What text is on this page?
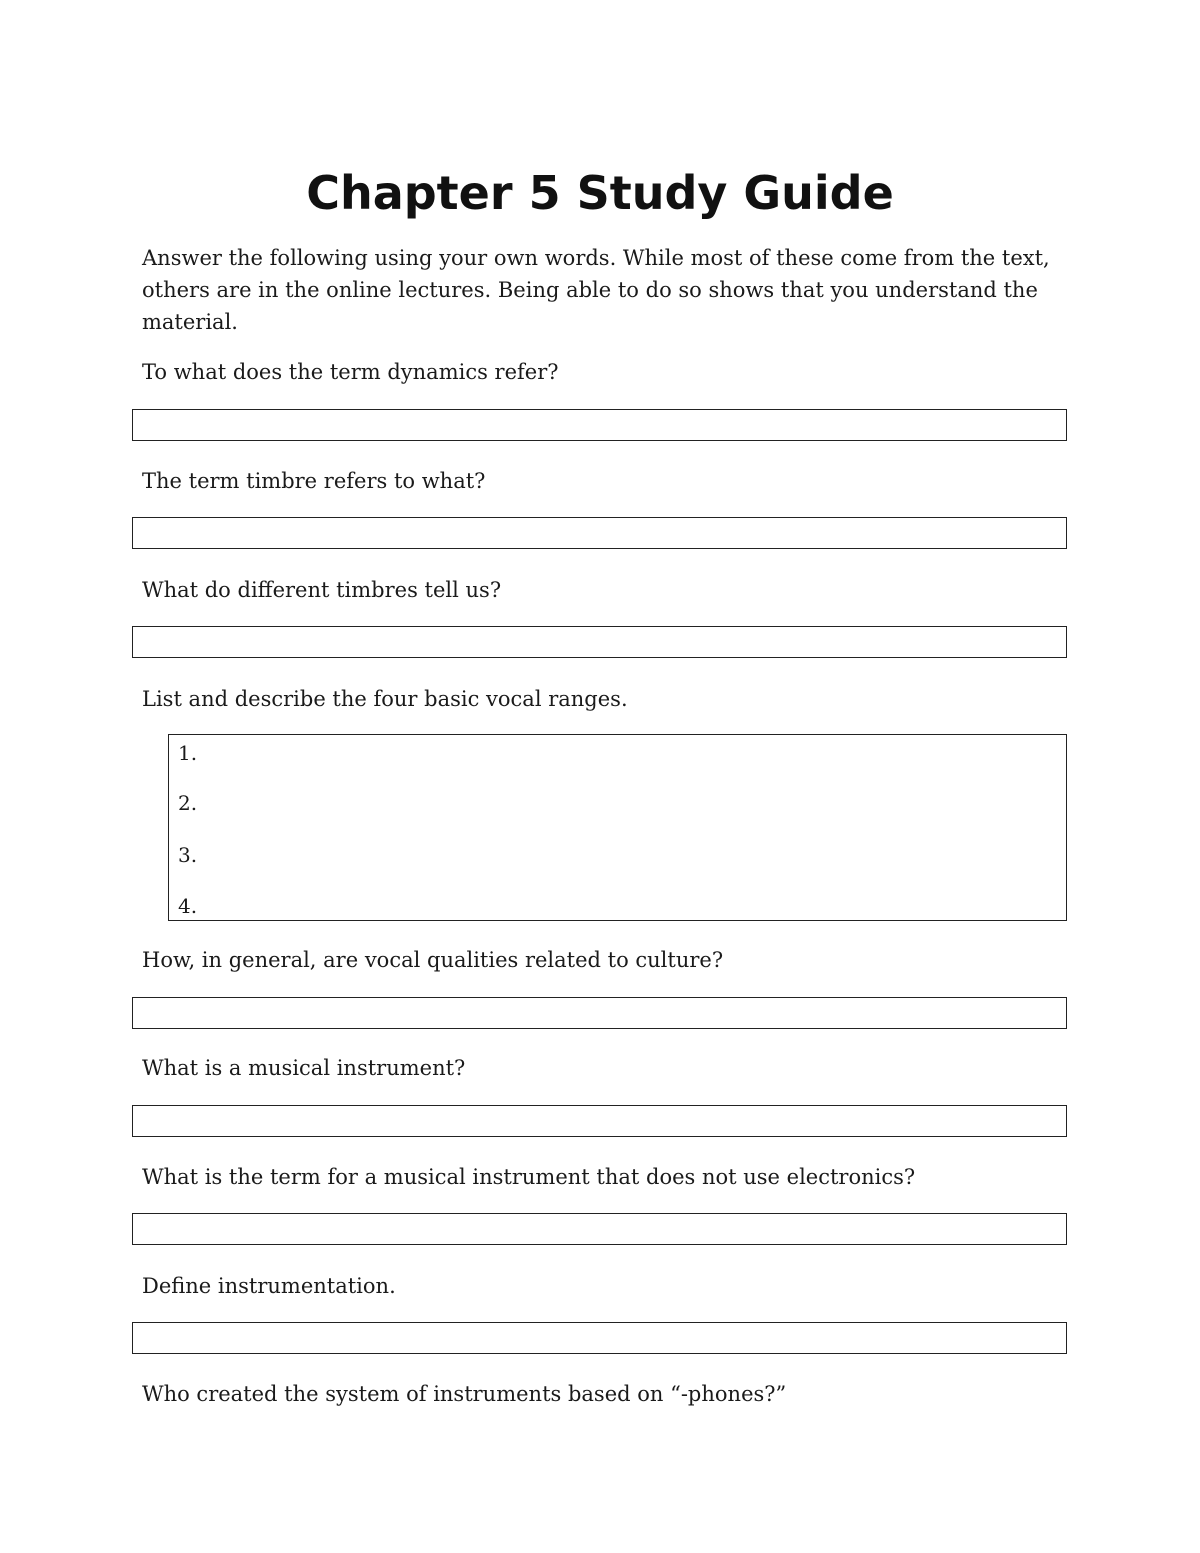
Chapter 5 Study Guide

Answer the following using your own words. While most of these come from the text, others are in the online lectures. Being able to do so shows that you understand the material.

To what does the term dynamics refer?

The term timbre refers to what?

What do different timbres tell us?

List and describe the four basic vocal ranges.

1.
2.
3.
4.

How, in general, are vocal qualities related to culture?

What is a musical instrument?

What is the term for a musical instrument that does not use electronics?

Define instrumentation.

Who created the system of instruments based on “-phones?”
